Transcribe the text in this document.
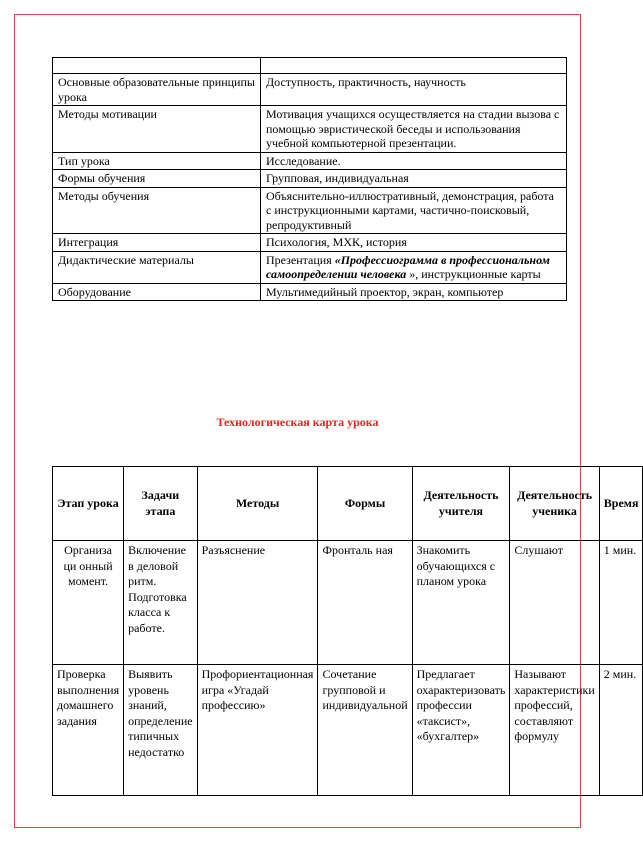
Основные образовательные принципы урока	Доступность, практичность, научность
Методы мотивации	Мотивация учащихся осуществляется на стадии вызова с помощью эвристической беседы и использования учебной компьютерной презентации.
Тип урока	Исследование.
Формы обучения	Групповая, индивидуальная
Методы обучения	Объяснительно-иллюстративный, демонстрация, работа с инструкционными картами, частично-поисковый, репродуктивный
Интеграция	Психология, МХК, история
Дидактические материалы	Презентация «Профессиограмма в профессиональном самоопределении человека », инструкционные карты
Оборудование	Мультимедийный проектор, экран, компьютер
Технологическая карта урока
Этап урока	Задачи этапа	Методы	Формы	Деятельность учителя	Деятельность ученика	Время
Организа ци онный момент.	Включение в деловой ритм. Подготовка класса к работе.	Разъяснение	Фронталь ная	Знакомить обучающихся с планом урока	Слушают	1 мин.
Проверка выполнения домашнего задания	Выявить уровень знаний, определение типичных недостатко	Профориентационная игра «Угадай профессию»	Сочетание групповой и индивидуальной	Предлагает охарактеризовать профессии «таксист», «бухгалтер»	Называют характеристики профессий, составляют формулу	2 мин.
